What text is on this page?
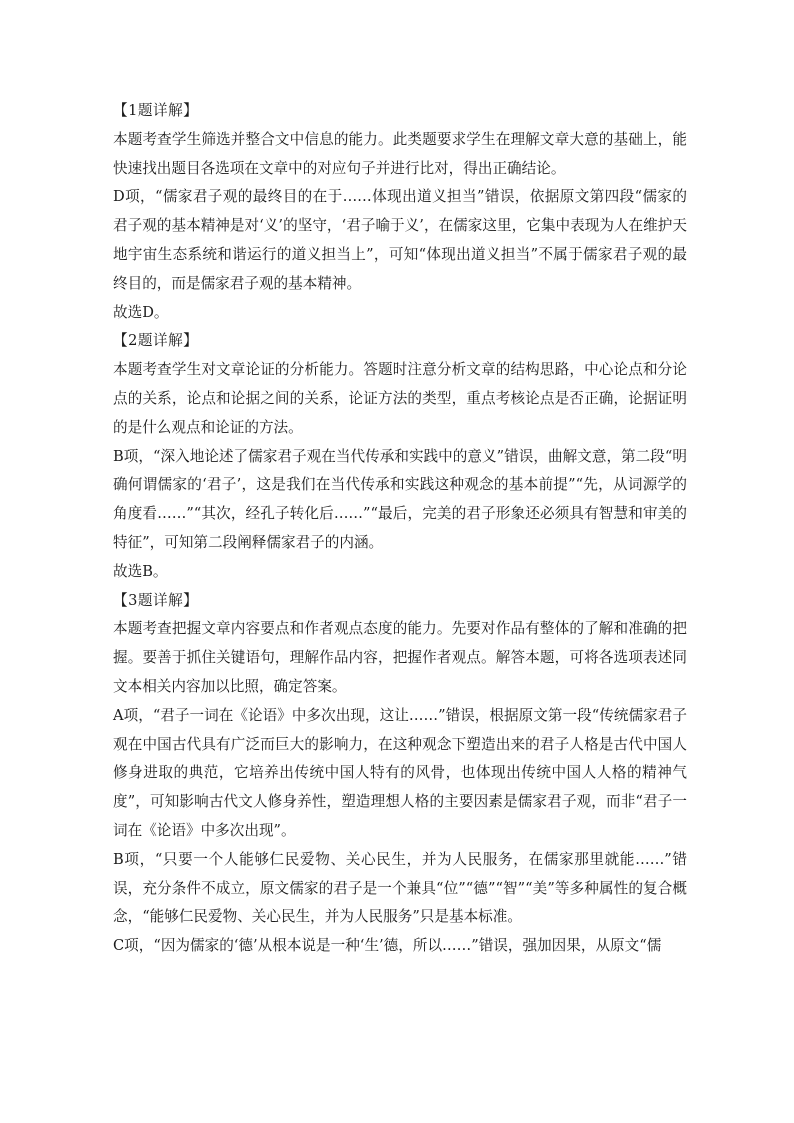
【1题详解】

本题考查学生筛选并整合文中信息的能力。此类题要求学生在理解文章大意的基础上，能快速找出题目各选项在文章中的对应句子并进行比对，得出正确结论。

D项，“儒家君子观的最终目的在于……体现出道义担当”错误，依据原文第四段“儒家的君子观的基本精神是对‘义’的坚守，‘君子喻于义’，在儒家这里，它集中表现为人在维护天地宇宙生态系统和谐运行的道义担当上”，可知“体现出道义担当”不属于儒家君子观的最终目的，而是儒家君子观的基本精神。

故选D。

【2题详解】

本题考查学生对文章论证的分析能力。答题时注意分析文章的结构思路，中心论点和分论点的关系，论点和论据之间的关系，论证方法的类型，重点考核论点是否正确，论据证明的是什么观点和论证的方法。

B项，“深入地论述了儒家君子观在当代传承和实践中的意义”错误，曲解文意，第二段“明确何谓儒家的‘君子’，这是我们在当代传承和实践这种观念的基本前提”“先，从词源学的角度看……”“其次，经孔子转化后……”“最后，完美的君子形象还必须具有智慧和审美的特征”，可知第二段阐释儒家君子的内涵。

故选B。

【3题详解】

本题考查把握文章内容要点和作者观点态度的能力。先要对作品有整体的了解和准确的把握。要善于抓住关键语句，理解作品内容，把握作者观点。解答本题，可将各选项表述同文本相关内容加以比照，确定答案。

A项，“君子一词在《论语》中多次出现，这让……”错误，根据原文第一段“传统儒家君子观在中国古代具有广泛而巨大的影响力，在这种观念下塑造出来的君子人格是古代中国人修身进取的典范，它培养出传统中国人特有的风骨，也体现出传统中国人人格的精神气度”，可知影响古代文人修身养性，塑造理想人格的主要因素是儒家君子观，而非“君子一词在《论语》中多次出现”。

B项，“只要一个人能够仁民爱物、关心民生，并为人民服务，在儒家那里就能……”错误，充分条件不成立，原文儒家的君子是一个兼具“位”“德”“智”“美”等多种属性的复合概念，“能够仁民爱物、关心民生，并为人民服务”只是基本标准。

C项，“因为儒家的‘德’从根本说是一种‘生’德，所以……”错误，强加因果，从原文“儒
